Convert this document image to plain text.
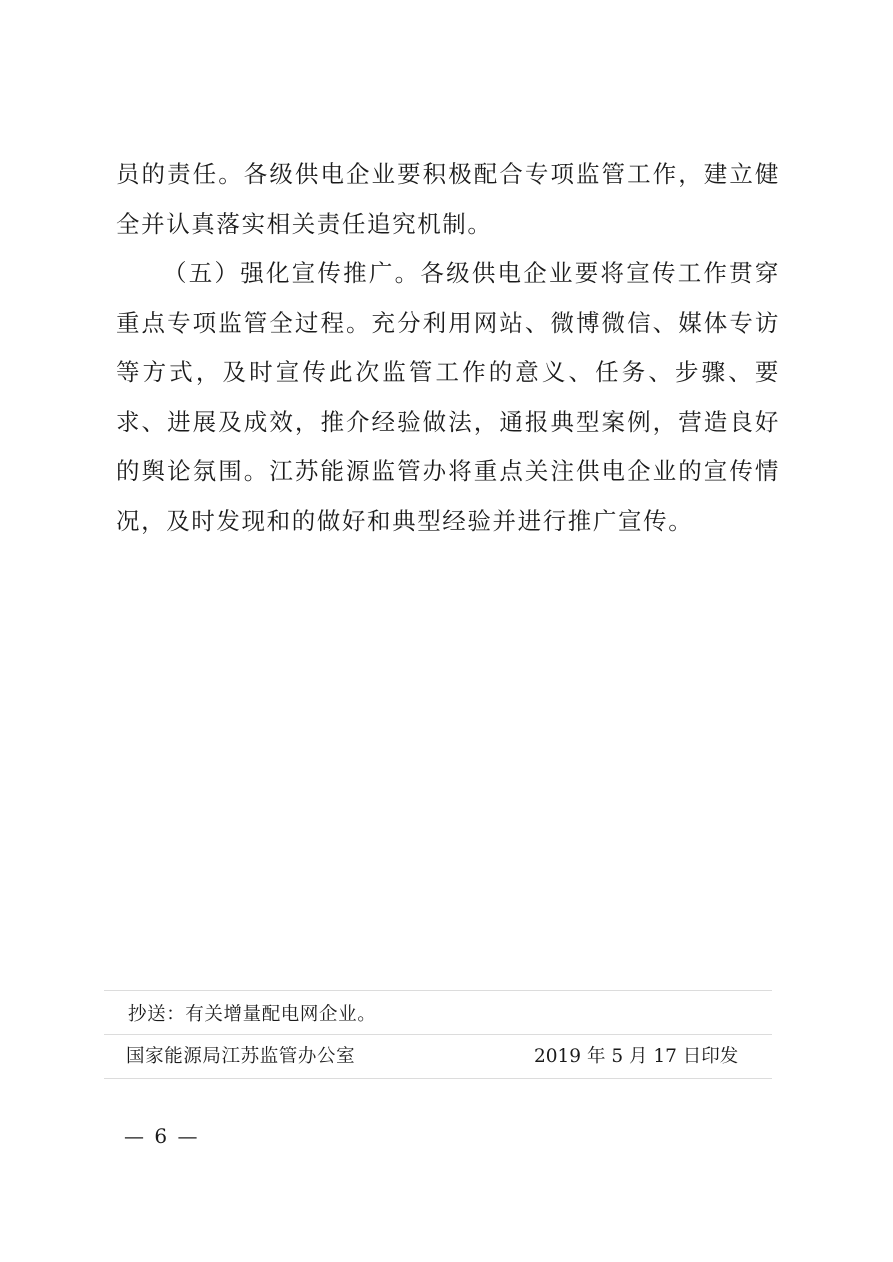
员的责任。各级供电企业要积极配合专项监管工作，建立健全并认真落实相关责任追究机制。

（五）强化宣传推广。各级供电企业要将宣传工作贯穿重点专项监管全过程。充分利用网站、微博微信、媒体专访等方式，及时宣传此次监管工作的意义、任务、步骤、要求、进展及成效，推介经验做法，通报典型案例，营造良好的舆论氛围。江苏能源监管办将重点关注供电企业的宣传情况，及时发现和的做好和典型经验并进行推广宣传。

抄送：有关增量配电网企业。
国家能源局江苏监管办公室	2019 年 5 月 17 日印发
— 6 —
